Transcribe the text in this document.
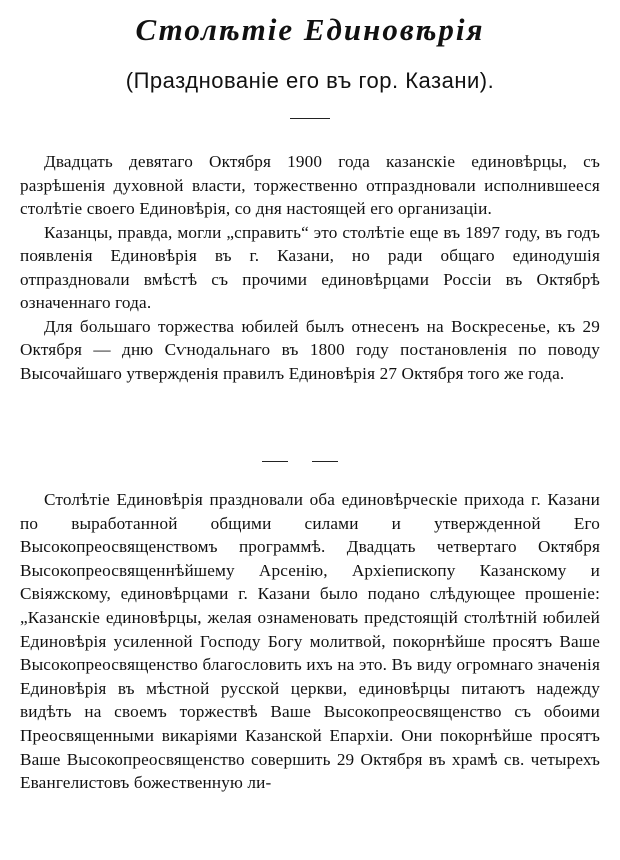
Столѣтіе Единовѣрія
(Празднованіе его въ гор. Казани).

Двадцать девятаго Октября 1900 года казанскіе единовѣрцы, съ разрѣшенія духовной власти, торжественно отпраздновали исполнившееся столѣтіе своего Единовѣрія, со дня настоящей его организаціи.

Казанцы, правда, могли „справить“ это столѣтіе еще въ 1897 году, въ годъ появленія Единовѣрія въ г. Казани, но ради общаго единодушія отпраздновали вмѣстѣ съ прочими единовѣрцами Россіи въ Октябрѣ означеннаго года.

Для большаго торжества юбилей былъ отнесенъ на Воскресенье, къ 29 Октября — дню Сѵнодальнаго въ 1800 году постановленія по поводу Высочайшаго утвержденія правилъ Единовѣрія 27 Октября того же года.

Столѣтіе Единовѣрія праздновали оба единовѣрческіе прихода г. Казани по выработанной общими силами и утвержденной Его Высокопреосвященствомъ программѣ. Двадцать четвертаго Октября Высокопреосвященнѣйшему Арсенію, Архіепископу Казанскому и Свіяжскому, единовѣрцами г. Казани было подано слѣдующее прошеніе: „Казанскіе единовѣрцы, желая ознаменовать предстоящій столѣтній юбилей Единовѣрія усиленной Господу Богу молитвой, покорнѣйше просятъ Ваше Высокопреосвященство благословить ихъ на это. Въ виду огромнаго значенія Единовѣрія въ мѣстной русской церкви, единовѣрцы питаютъ надежду видѣть на своемъ торжествѣ Ваше Высокопреосвященство съ обоими Преосвященными викаріями Казанской Епархіи. Они покорнѣйше просятъ Ваше Высокопреосвященство совершить 29 Октября въ храмѣ св. четырехъ Евангелистовъ божественную ли-
